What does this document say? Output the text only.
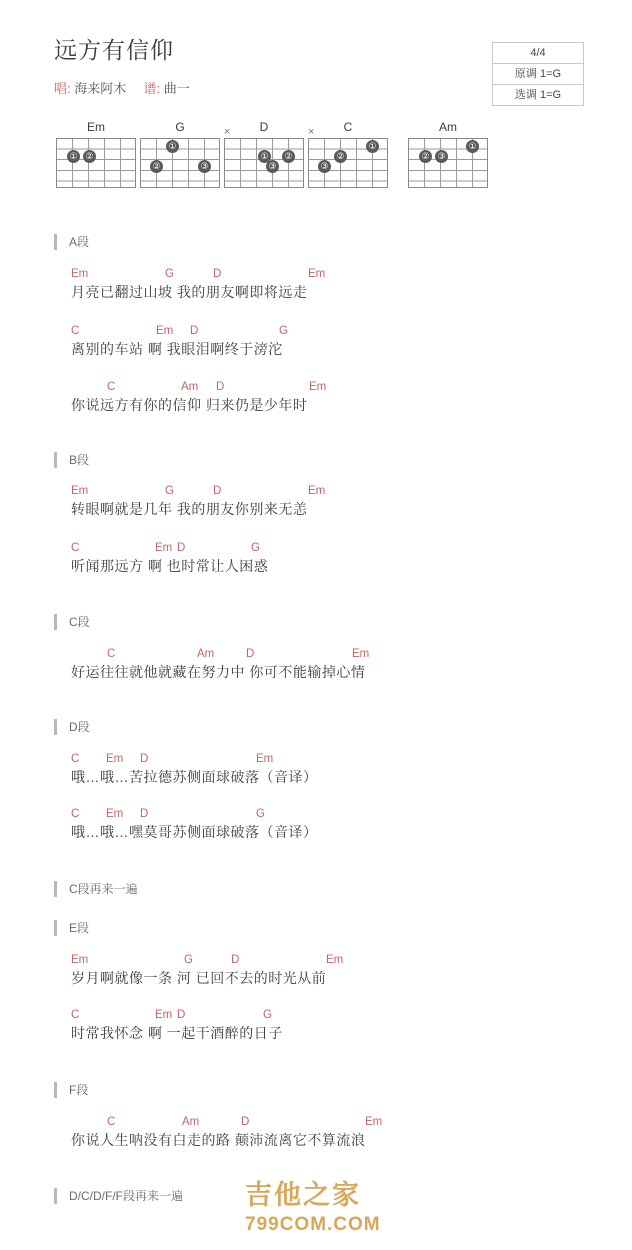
远方有信仰
唱: 海来阿木 谱: 曲一
4/4
原调 1=G
选调 1=G
Em
① ②
G
①
②	③
D
×
① ②
③
C
×
①
②
③
Am
①
② ③
A段
Em	G	D	Em
月亮已翻过山坡 我的朋友啊即将远走
C	Em D	G
离别的车站 啊 我眼泪啊终于滂沱
C	Am D	Em
你说远方有你的信仰 归来仍是少年时
B段
Em	G	D	Em
转眼啊就是几年 我的朋友你别来无恙
C	Em D	G
听闻那远方 啊 也时常让人困惑
C段
C	Am	D	Em
好运往往就他就藏在努力中 你可不能输掉心情
D段
C Em D	Em
哦…哦…苦拉德苏侧面球破落（音译）
C Em D	G
哦…哦…嘿莫哥苏侧面球破落（音译）
C段再来一遍
E段
Em	G	D	Em
岁月啊就像一条 河 已回不去的时光从前
C	Em D	G
时常我怀念 啊 一起干酒醉的日子
F段
C	Am	D	Em
你说人生呐没有白走的路 颠沛流离它不算流浪
D/C/D/F/F段再来一遍 吉他之家
799COM.COM
